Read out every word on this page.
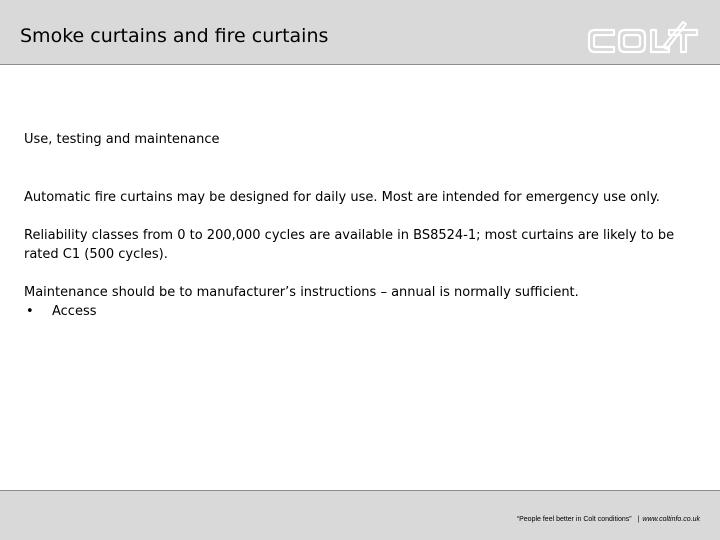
Smoke curtains and fire curtains
Use, testing and maintenance

Automatic fire curtains may be designed for daily use. Most are intended for emergency use only.

Reliability classes from 0 to 200,000 cycles are available in BS8524-1; most curtains are likely to be rated C1 (500 cycles).

Maintenance should be to manufacturer’s instructions – annual is normally sufficient.

•	Access
“People feel better in Colt conditions” | www.coltinfo.co.uk
